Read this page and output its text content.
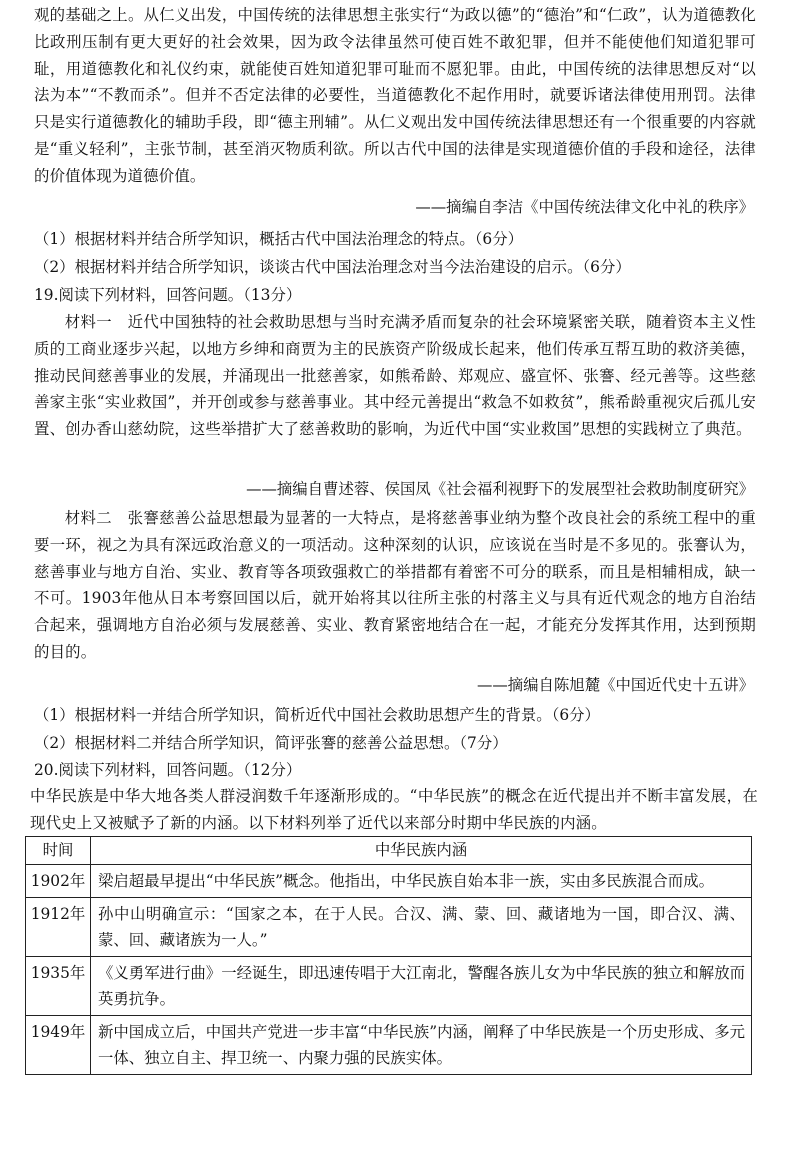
观的基础之上。从仁义出发，中国传统的法律思想主张实行“为政以德”的“德治”和“仁政”，认为道德教化比政刑压制有更大更好的社会效果，因为政令法律虽然可使百姓不敢犯罪，但并不能使他们知道犯罪可耻，用道德教化和礼仪约束，就能使百姓知道犯罪可耻而不愿犯罪。由此，中国传统的法律思想反对“以法为本”“不教而杀”。但并不否定法律的必要性，当道德教化不起作用时，就要诉诸法律使用刑罚。法律只是实行道德教化的辅助手段，即“德主刑辅”。从仁义观出发中国传统法律思想还有一个很重要的内容就是“重义轻利”，主张节制，甚至消灭物质利欲。所以古代中国的法律是实现道德价值的手段和途径，法律的价值体现为道德价值。

——摘编自李洁《中国传统法律文化中礼的秩序》
（1）根据材料并结合所学知识，概括古代中国法治理念的特点。（6分）
（2）根据材料并结合所学知识，谈谈古代中国法治理念对当今法治建设的启示。（6分）
19.阅读下列材料，回答问题。（13分）

材料一　近代中国独特的社会救助思想与当时充满矛盾而复杂的社会环境紧密关联，随着资本主义性质的工商业逐步兴起，以地方乡绅和商贾为主的民族资产阶级成长起来，他们传承互帮互助的救济美德，推动民间慈善事业的发展，并涌现出一批慈善家，如熊希龄、郑观应、盛宣怀、张謇、经元善等。这些慈善家主张“实业救国”，并开创或参与慈善事业。其中经元善提出“救急不如救贫”，熊希龄重视灾后孤儿安置、创办香山慈幼院，这些举措扩大了慈善救助的影响，为近代中国“实业救国”思想的实践树立了典范。

——摘编自曹述蓉、侯国凤《社会福利视野下的发展型社会救助制度研究》

材料二　张謇慈善公益思想最为显著的一大特点，是将慈善事业纳为整个改良社会的系统工程中的重要一环，视之为具有深远政治意义的一项活动。这种深刻的认识，应该说在当时是不多见的。张謇认为，慈善事业与地方自治、实业、教育等各项致强救亡的举措都有着密不可分的联系，而且是相辅相成，缺一不可。1903年他从日本考察回国以后，就开始将其以往所主张的村落主义与具有近代观念的地方自治结合起来，强调地方自治必须与发展慈善、实业、教育紧密地结合在一起，才能充分发挥其作用，达到预期的目的。

——摘编自陈旭麓《中国近代史十五讲》
（1）根据材料一并结合所学知识，简析近代中国社会救助思想产生的背景。（6分）
（2）根据材料二并结合所学知识，简评张謇的慈善公益思想。（7分）
20.阅读下列材料，回答问题。（12分）

中华民族是中华大地各类人群浸润数千年逐渐形成的。“中华民族”的概念在近代提出并不断丰富发展，在现代史上又被赋予了新的内涵。以下材料列举了近代以来部分时期中华民族的内涵。

时间	中华民族内涵
1902年	梁启超最早提出“中华民族”概念。他指出，中华民族自始本非一族，实由多民族混合而成。
1912年	孙中山明确宣示：“国家之本，在于人民。合汉、满、蒙、回、藏诸地为一国，即合汉、满、蒙、回、藏诸族为一人。”
1935年	《义勇军进行曲》一经诞生，即迅速传唱于大江南北，警醒各族儿女为中华民族的独立和解放而英勇抗争。
1949年	新中国成立后，中国共产党进一步丰富“中华民族”内涵，阐释了中华民族是一个历史形成、多元一体、独立自主、捍卫统一、内聚力强的民族实体。
